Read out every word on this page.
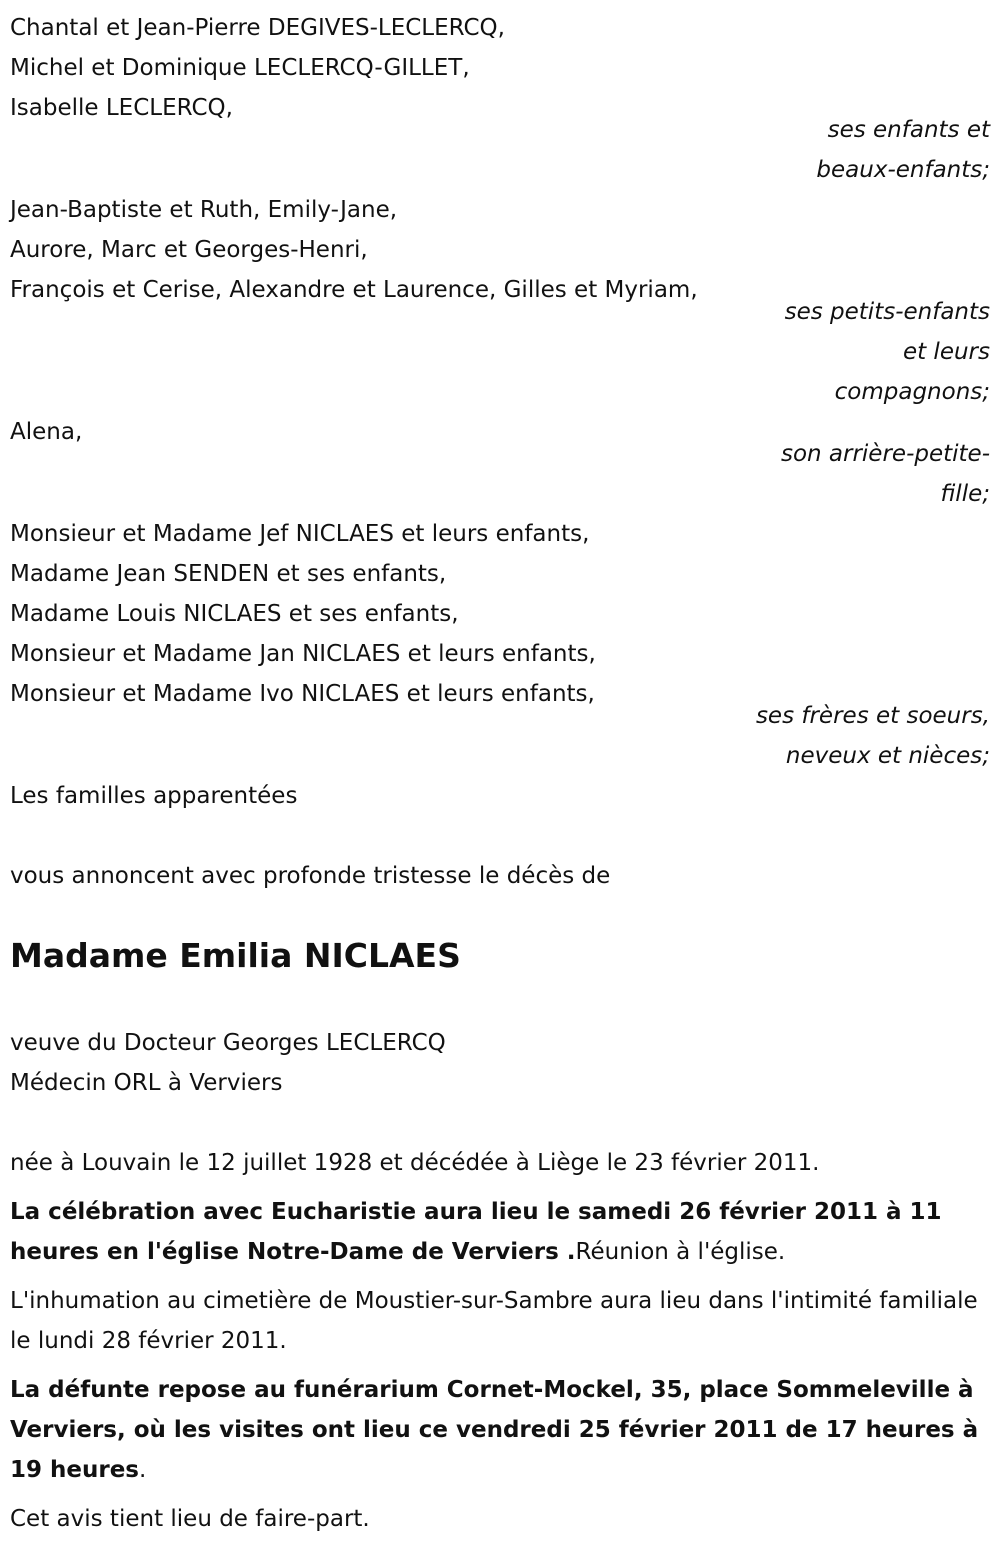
Chantal et Jean-Pierre DEGIVES-LECLERCQ,
Michel et Dominique LECLERCQ-GILLET,
Isabelle LECLERCQ,
ses enfants et
beaux-enfants;
Jean-Baptiste et Ruth, Emily-Jane,
Aurore, Marc et Georges-Henri,
François et Cerise, Alexandre et Laurence, Gilles et Myriam,
ses petits-enfants
et leurs
compagnons;
Alena,
son arrière-petite-
fille;
Monsieur et Madame Jef NICLAES et leurs enfants,
Madame Jean SENDEN et ses enfants,
Madame Louis NICLAES et ses enfants,
Monsieur et Madame Jan NICLAES et leurs enfants,
Monsieur et Madame Ivo NICLAES et leurs enfants,
ses frères et soeurs,
neveux et nièces;
Les familles apparentées
vous annoncent avec profonde tristesse le décès de
Madame Emilia NICLAES
veuve du Docteur Georges LECLERCQ
Médecin ORL à Verviers
née à Louvain le 12 juillet 1928 et décédée à Liège le 23 février 2011.
La célébration avec Eucharistie aura lieu le samedi 26 février 2011 à 11 heures en l'église Notre-Dame de Verviers .Réunion à l'église.
L'inhumation au cimetière de Moustier-sur-Sambre aura lieu dans l'intimité familiale le lundi 28 février 2011.
La défunte repose au funérarium Cornet-Mockel, 35, place Sommeleville à Verviers, où les visites ont lieu ce vendredi 25 février 2011 de 17 heures à 19 heures.
Cet avis tient lieu de faire-part.
